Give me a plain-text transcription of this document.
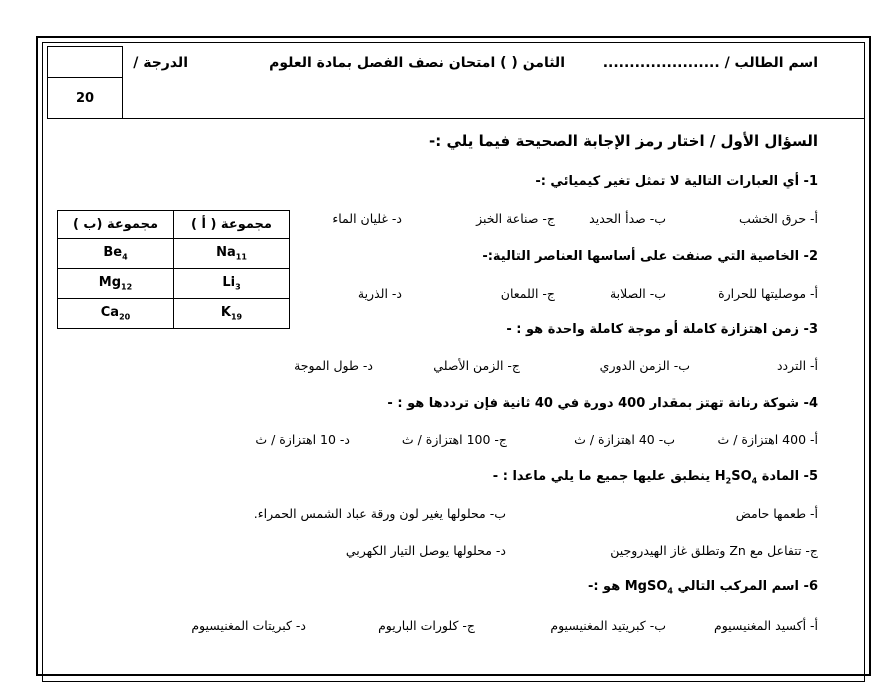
20
اسم الطالب / ......................
الثامن ( ) امتحان نصف الفصل بمادة العلوم
الدرجة /
السؤال الأول / اختار رمز الإجابة الصحيحة فيما يلي :-
مجموعة ( أ )	مجموعة (ب )
$Na_{11}$	$Be_4$
$Li_3$	$Mg_{12}$
$K_{19}$	$Ca_{20}$
1- أي العبارات التالية لا تمثل تغير كيميائي :-
أ- حرق الخشب
ب- صدأ الحديد
ج- صناعة الخبز
د- غليان الماء
2- الخاصية التي صنفت على أساسها العناصر التالية:-
أ- موصليتها للحرارة
ب- الصلابة
ج- اللمعان
د- الذرية
3- زمن اهتزازة كاملة أو موجة كاملة واحدة هو : -
أ- التردد
ب- الزمن الدوري
ج- الزمن الأصلي
د- طول الموجة
4- شوكة رنانة تهتز بمقدار 400 دورة في 40 ثانية فإن ترددها هو : -
أ- 400 اهتزازة / ث
ب- 40 اهتزازة / ث
ج- 100 اهتزازة / ث
د- 10 اهتزازة / ث
5- المادة $H_2SO_4$ ينطبق عليها جميع ما يلي ماعدا : -
أ- طعمها حامض
ب- محلولها يغير لون ورقة عباد الشمس الحمراء.
ج- تتفاعل مع Zn وتطلق غاز الهيدروجين
د- محلولها يوصل التيار الكهربي
6- اسم المركب التالي MgSO$_4$ هو :-
أ- أكسيد المغنيسيوم
ب- كبريتيد المغنيسيوم
ج- كلورات الباريوم
د- كبريتات المغنيسيوم
